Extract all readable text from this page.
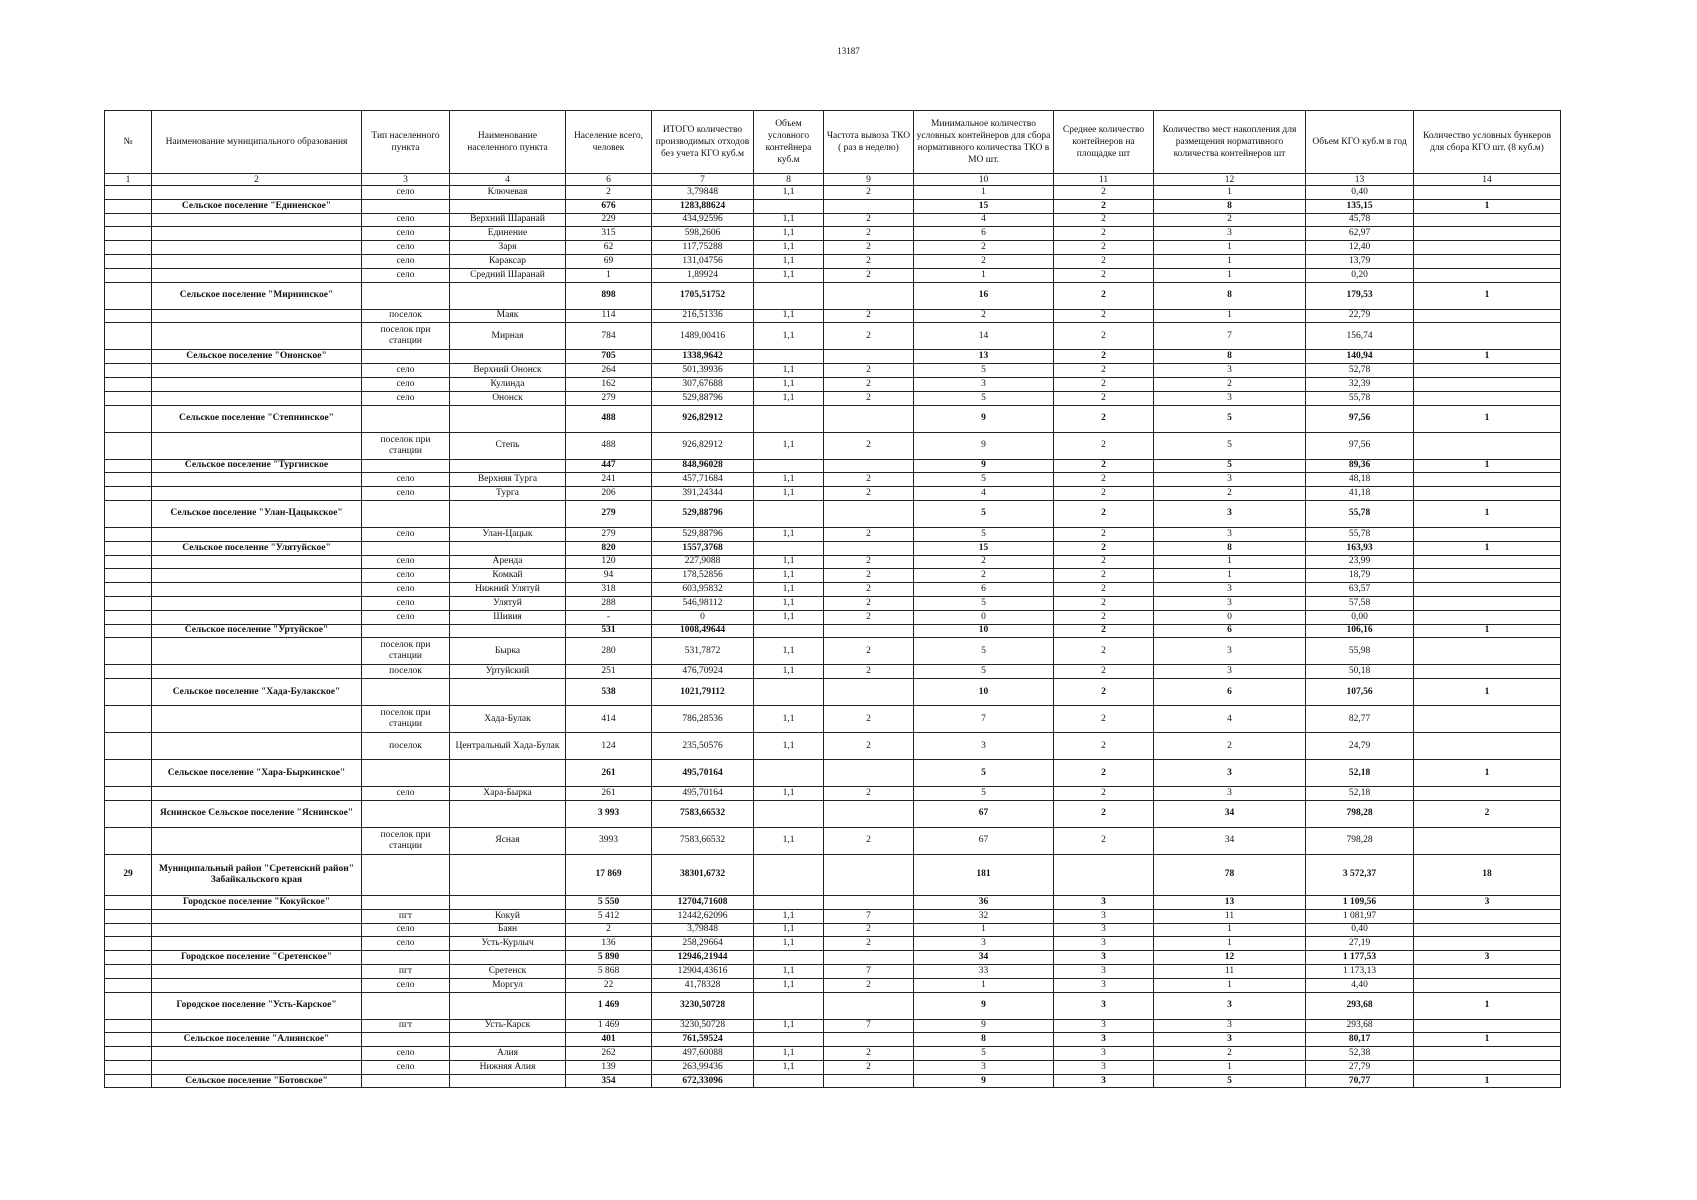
13187
№	Наименование муниципального образования	Тип населенного пункта	Наименование населенного пункта	Население всего, человек	ИТОГО количество производимых отходов без учета КГО куб.м	Объем условного контейнера куб.м	Частота вывоза ТКО ( раз в неделю)	Минимальное количество условных контейнеров для сбора нормативного количества ТКО в МО шт.	Среднее количество контейнеров на площадке шт	Количество мест накопления для размещения нормативного количества контейнеров шт	Объем КГО куб.м в год	Количество условных бункеров для сбора КГО шт. (8 куб.м)
1	2	3	4	6	7	8	9	10	11	12	13	14
		село	Ключевая	2	3,79848	1,1	2	1	2	1	0,40	
	Сельское поселение "Единенское"			676	1283,88624			15	2	8	135,15	1
		село	Верхний Шаранай	229	434,92596	1,1	2	4	2	2	45,78	
		село	Единение	315	598,2606	1,1	2	6	2	3	62,97	
		село	Заря	62	117,75288	1,1	2	2	2	1	12,40	
		село	Караксар	69	131,04756	1,1	2	2	2	1	13,79	
		село	Средний Шаранай	1	1,89924	1,1	2	1	2	1	0,20	
	Сельское поселение "Мирнинское"			898	1705,51752			16	2	8	179,53	1
		поселок	Маяк	114	216,51336	1,1	2	2	2	1	22,79	
		поселок при станции	Мирная	784	1489,00416	1,1	2	14	2	7	156,74	
	Сельское поселение "Ононское"			705	1338,9642			13	2	8	140,94	1
		село	Верхний Ононск	264	501,39936	1,1	2	5	2	3	52,78	
		село	Кулинда	162	307,67688	1,1	2	3	2	2	32,39	
		село	Ононск	279	529,88796	1,1	2	5	2	3	55,78	
	Сельское поселение "Степнинское"			488	926,82912			9	2	5	97,56	1
		поселок при станции	Степь	488	926,82912	1,1	2	9	2	5	97,56	
	Сельское поселение "Тургинское			447	848,96028			9	2	5	89,36	1
		село	Верхняя Турга	241	457,71684	1,1	2	5	2	3	48,18	
		село	Турга	206	391,24344	1,1	2	4	2	2	41,18	
	Сельское поселение "Улан-Цацыкское"			279	529,88796			5	2	3	55,78	1
		село	Улан-Цацык	279	529,88796	1,1	2	5	2	3	55,78	
	Сельское поселение "Улятуйское"			820	1557,3768			15	2	8	163,93	1
		село	Аренда	120	227,9088	1,1	2	2	2	1	23,99	
		село	Комкай	94	178,52856	1,1	2	2	2	1	18,79	
		село	Нижний Улятуй	318	603,95832	1,1	2	6	2	3	63,57	
		село	Улятуй	288	546,98112	1,1	2	5	2	3	57,58	
		село	Шивия	-	0	1,1	2	0	2	0	0,00	
	Сельское поселение "Уртуйское"			531	1008,49644			10	2	6	106,16	1
		поселок при станции	Бырка	280	531,7872	1,1	2	5	2	3	55,98	
		поселок	Уртуйский	251	476,70924	1,1	2	5	2	3	50,18	
	Сельское поселение "Хада-Булакское"			538	1021,79112			10	2	6	107,56	1
		поселок при станции	Хада-Булак	414	786,28536	1,1	2	7	2	4	82,77	
		поселок	Центральный Хада-Булак	124	235,50576	1,1	2	3	2	2	24,79	
	Сельское поселение "Хара-Быркинское"			261	495,70164			5	2	3	52,18	1
		село	Хара-Бырка	261	495,70164	1,1	2	5	2	3	52,18	
	Яснинское Сельское поселение "Яснинское"			3 993	7583,66532			67	2	34	798,28	2
		поселок при станции	Ясная	3993	7583,66532	1,1	2	67	2	34	798,28	
29	Муниципальный район "Сретенский район" Забайкальского края			17 869	38301,6732			181		78	3 572,37	18
	Городское поселение "Кокуйское"			5 550	12704,71608			36	3	13	1 109,56	3
		пгт	Кокуй	5 412	12442,62096	1,1	7	32	3	11	1 081,97	
		село	Баян	2	3,79848	1,1	2	1	3	1	0,40	
		село	Усть-Курлыч	136	258,29664	1,1	2	3	3	1	27,19	
	Городское поселение "Сретенское"			5 890	12946,21944			34	3	12	1 177,53	3
		пгт	Сретенск	5 868	12904,43616	1,1	7	33	3	11	1 173,13	
		село	Моргул	22	41,78328	1,1	2	1	3	1	4,40	
	Городское поселение "Усть-Карское"			1 469	3230,50728			9	3	3	293,68	1
		пгт	Усть-Карск	1 469	3230,50728	1,1	7	9	3	3	293,68	
	Сельское поселение "Алиянское"			401	761,59524			8	3	3	80,17	1
		село	Алия	262	497,60088	1,1	2	5	3	2	52,38	
		село	Нижняя Алия	139	263,99436	1,1	2	3	3	1	27,79	
	Сельское поселение "Ботовское"			354	672,33096			9	3	5	70,77	1
